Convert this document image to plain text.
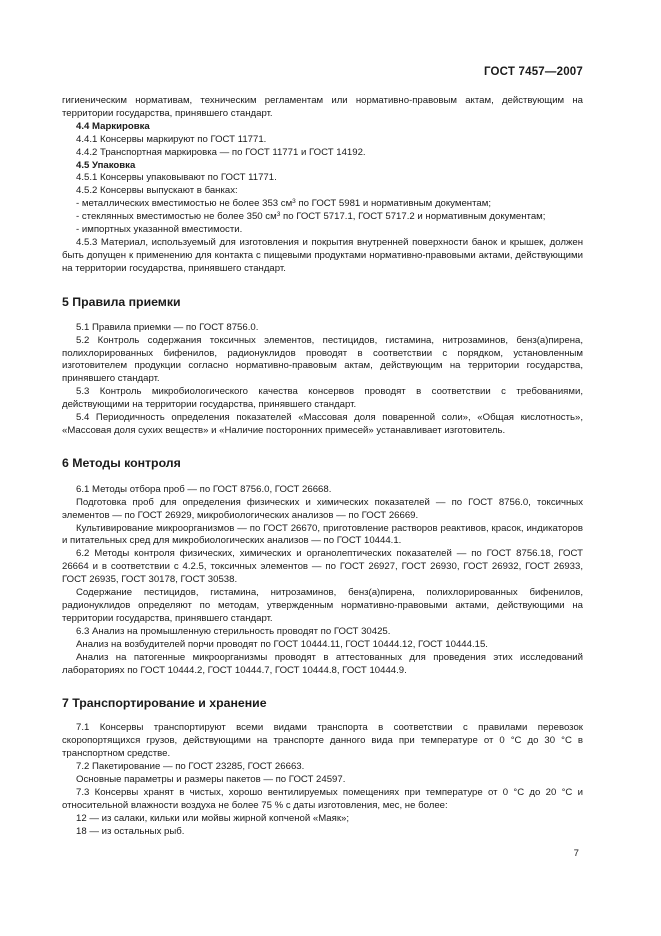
ГОСТ 7457—2007

гигиеническим нормативам, техническим регламентам или нормативно-правовым актам, действующим на территории государства, принявшего стандарт.

4.4 Маркировка

4.4.1 Консервы маркируют по ГОСТ 11771.

4.4.2 Транспортная маркировка — по ГОСТ 11771 и ГОСТ 14192.

4.5 Упаковка

4.5.1 Консервы упаковывают по ГОСТ 11771.

4.5.2 Консервы выпускают в банках:

- металлических вместимостью не более 353 $см^3$ по ГОСТ 5981 и нормативным документам;

- стеклянных вместимостью не более 350 $см^3$ по ГОСТ 5717.1, ГОСТ 5717.2 и нормативным документам;

- импортных указанной вместимости.

4.5.3 Материал, используемый для изготовления и покрытия внутренней поверхности банок и крышек, должен быть допущен к применению для контакта с пищевыми продуктами нормативно-правовыми актами, действующими на территории государства, принявшего стандарт.

5 Правила приемки

5.1 Правила приемки — по ГОСТ 8756.0.

5.2 Контроль содержания токсичных элементов, пестицидов, гистамина, нитрозаминов, бенз(а)пирена, полихлорированных бифенилов, радионуклидов проводят в соответствии с порядком, установленным изготовителем продукции согласно нормативно-правовым актам, действующим на территории государства, принявшего стандарт.

5.3 Контроль микробиологического качества консервов проводят в соответствии с требованиями, действующими на территории государства, принявшего стандарт.

5.4 Периодичность определения показателей «Массовая доля поваренной соли», «Общая кислотность», «Массовая доля сухих веществ» и «Наличие посторонних примесей» устанавливает изготовитель.

6 Методы контроля

6.1 Методы отбора проб — по ГОСТ 8756.0, ГОСТ 26668.

Подготовка проб для определения физических и химических показателей — по ГОСТ 8756.0, токсичных элементов — по ГОСТ 26929, микробиологических анализов — по ГОСТ 26669.

Культивирование микроорганизмов — по ГОСТ 26670, приготовление растворов реактивов, красок, индикаторов и питательных сред для микробиологических анализов — по ГОСТ 10444.1.

6.2 Методы контроля физических, химических и органолептических показателей — по ГОСТ 8756.18, ГОСТ 26664 и в соответствии с 4.2.5, токсичных элементов — по ГОСТ 26927, ГОСТ 26930, ГОСТ 26932, ГОСТ 26933, ГОСТ 26935, ГОСТ 30178, ГОСТ 30538.

Содержание пестицидов, гистамина, нитрозаминов, бенз(а)пирена, полихлорированных бифенилов, радионуклидов определяют по методам, утвержденным нормативно-правовыми актами, действующими на территории государства, принявшего стандарт.

6.3 Анализ на промышленную стерильность проводят по ГОСТ 30425.

Анализ на возбудителей порчи проводят по ГОСТ 10444.11, ГОСТ 10444.12, ГОСТ 10444.15.

Анализ на патогенные микроорганизмы проводят в аттестованных для проведения этих исследований лабораториях по ГОСТ 10444.2, ГОСТ 10444.7, ГОСТ 10444.8, ГОСТ 10444.9.

7 Транспортирование и хранение

7.1 Консервы транспортируют всеми видами транспорта в соответствии с правилами перевозок скоропортящихся грузов, действующими на транспорте данного вида при температуре от 0 °С до 30 °С в транспортном средстве.

7.2 Пакетирование — по ГОСТ 23285, ГОСТ 26663.

Основные параметры и размеры пакетов — по ГОСТ 24597.

7.3 Консервы хранят в чистых, хорошо вентилируемых помещениях при температуре от 0 °С до 20 °С и относительной влажности воздуха не более 75 % с даты изготовления, мес, не более:

12 — из салаки, кильки или мойвы жирной копченой «Маяк»;

18 — из остальных рыб.

7
